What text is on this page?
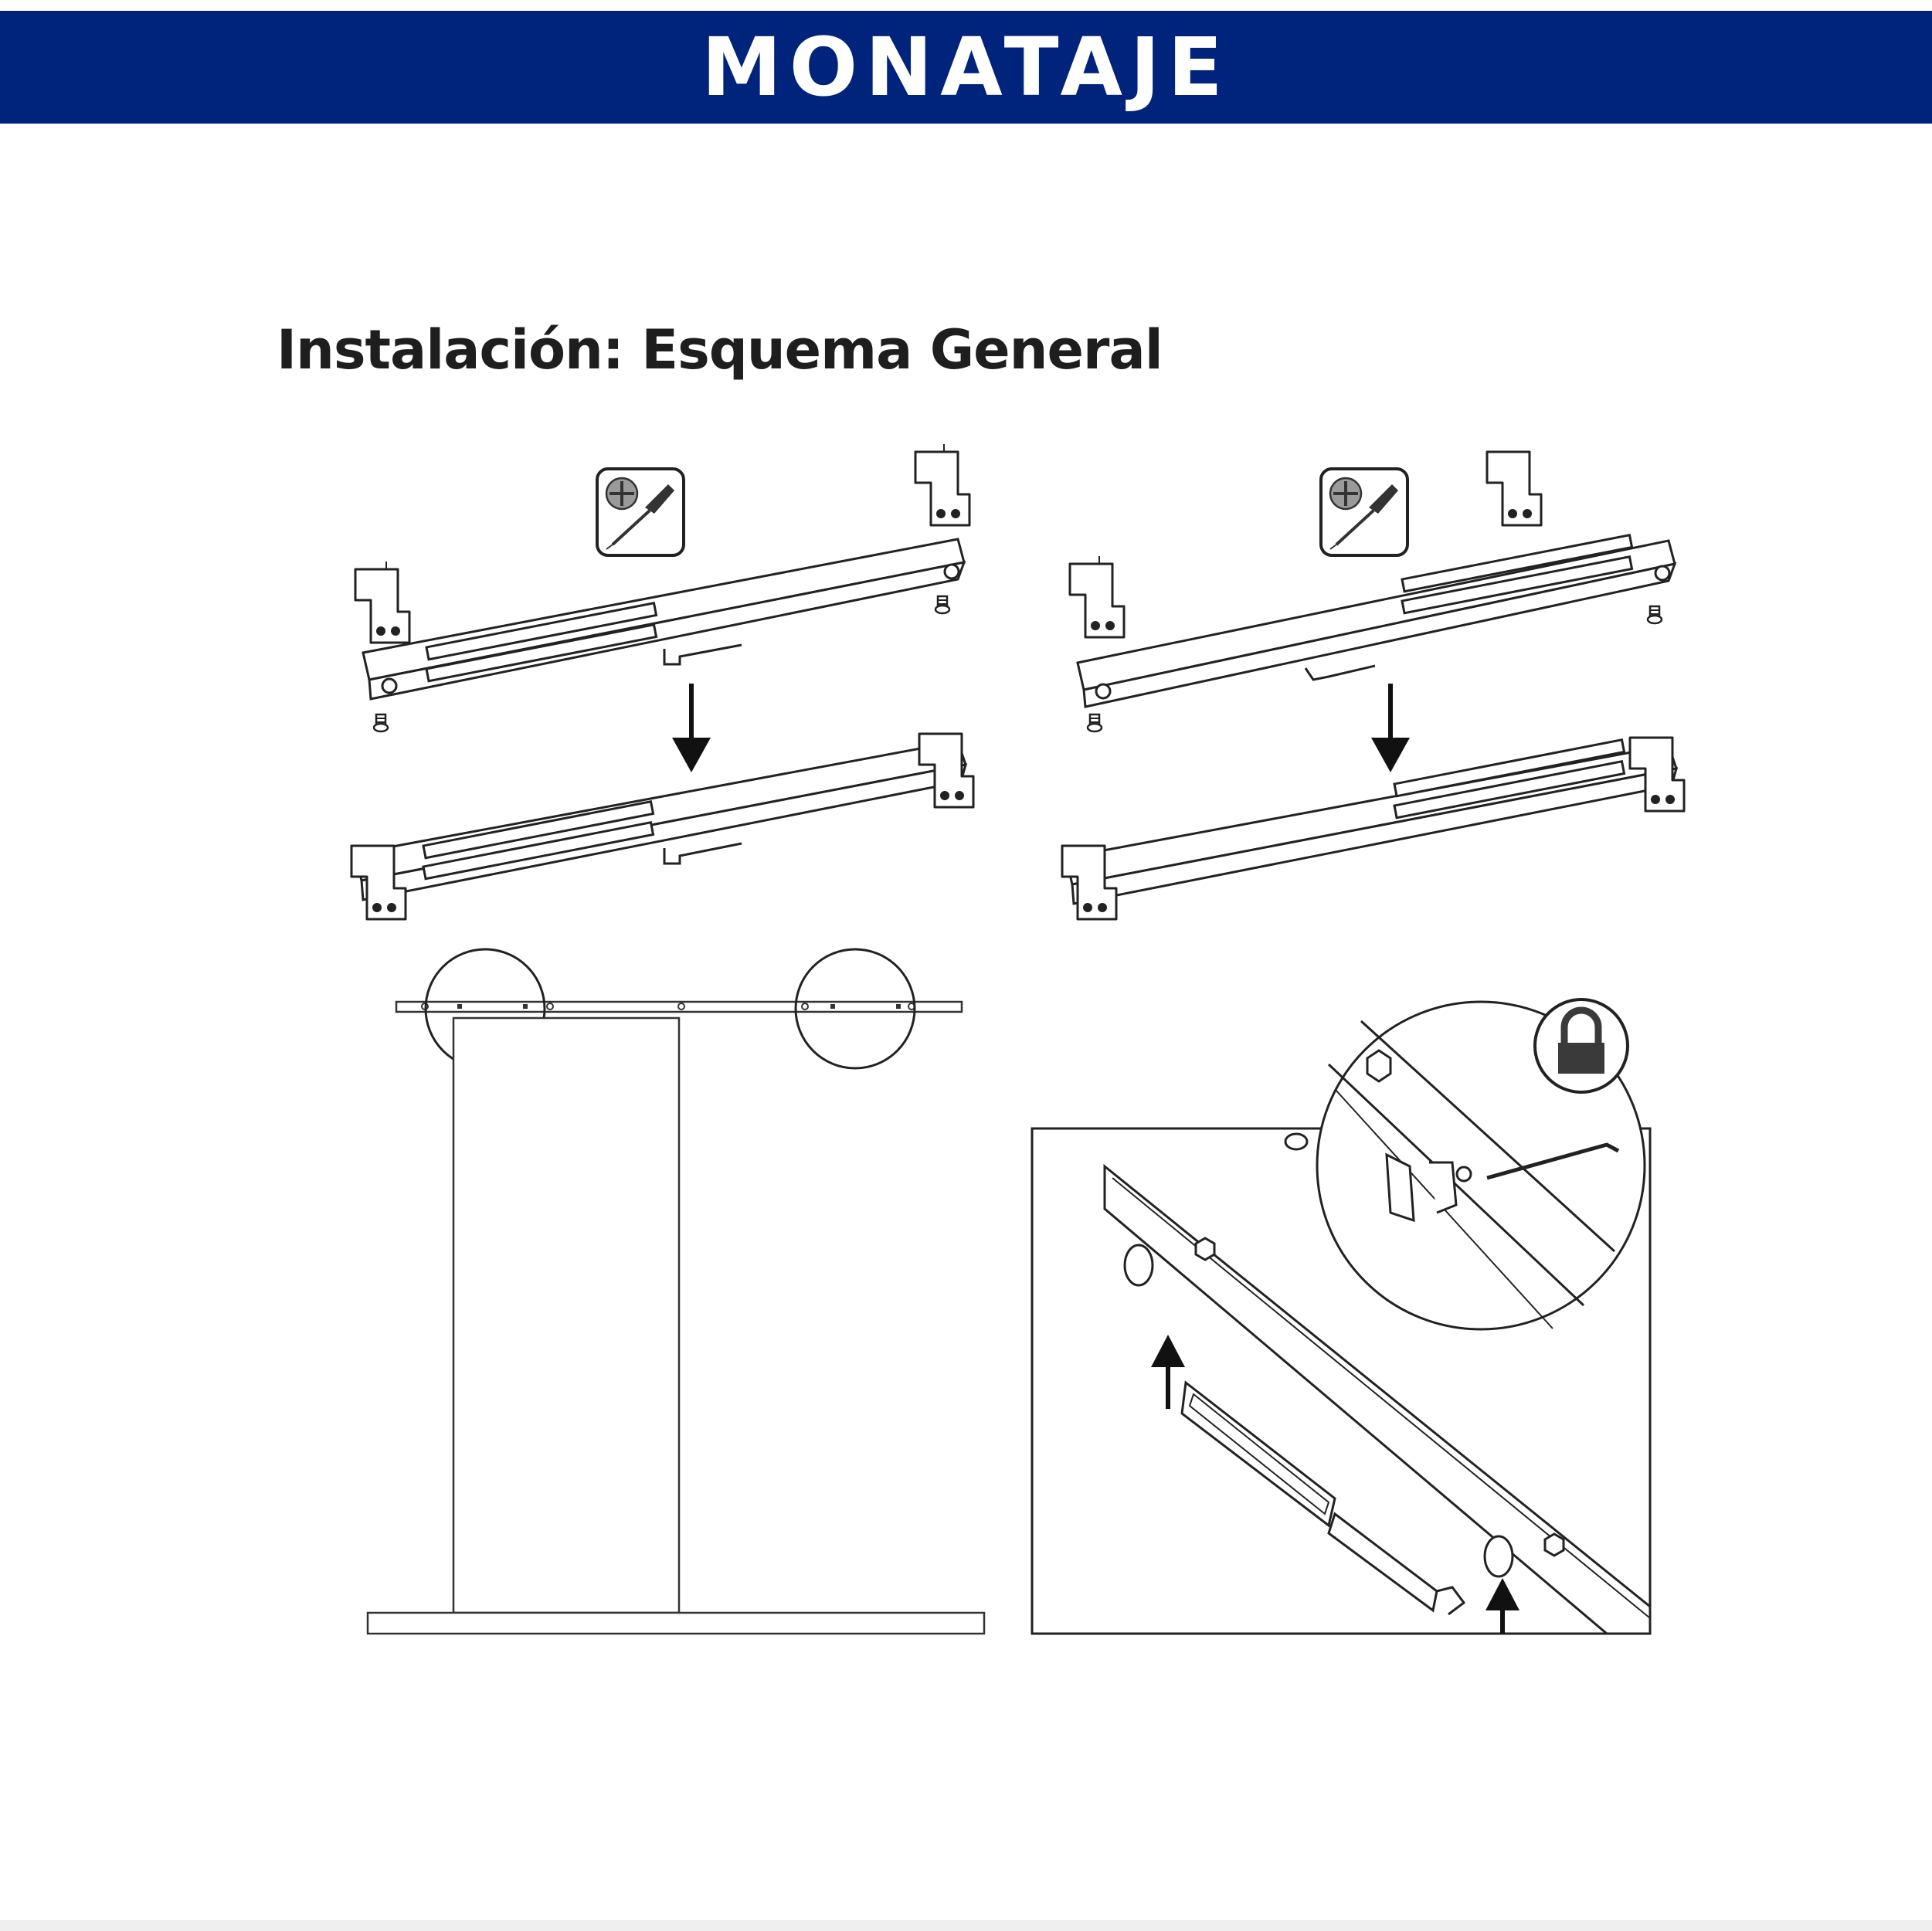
MONATAJE
Instalación: Esquema General
